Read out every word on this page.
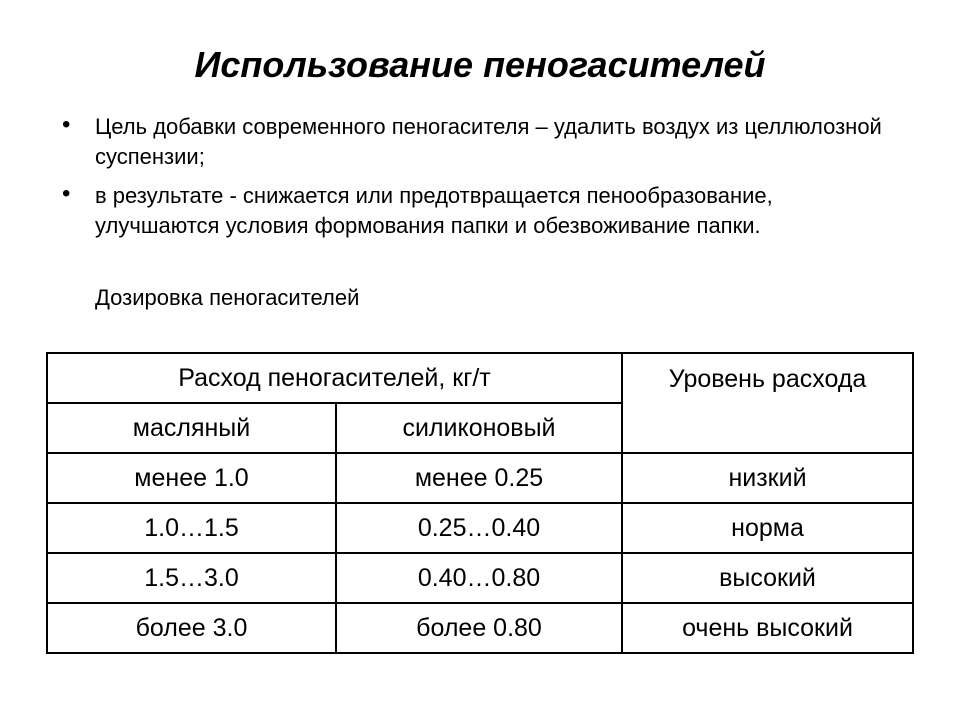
Использование пеногасителей
• Цель добавки современного пеногасителя – удалить воздух из целлюлозной суспензии;
• в результате - снижается или предотвращается пенообразование, улучшаются условия формования папки и обезвоживание папки.
Дозировка пеногасителей
Расход пеногасителей, кг/т		Уровень расхода
масляный	силиконовый	
менее 1.0	менее 0.25	низкий
1.0…1.5	0.25…0.40	норма
1.5…3.0	0.40…0.80	высокий
более 3.0	более 0.80	очень высокий
